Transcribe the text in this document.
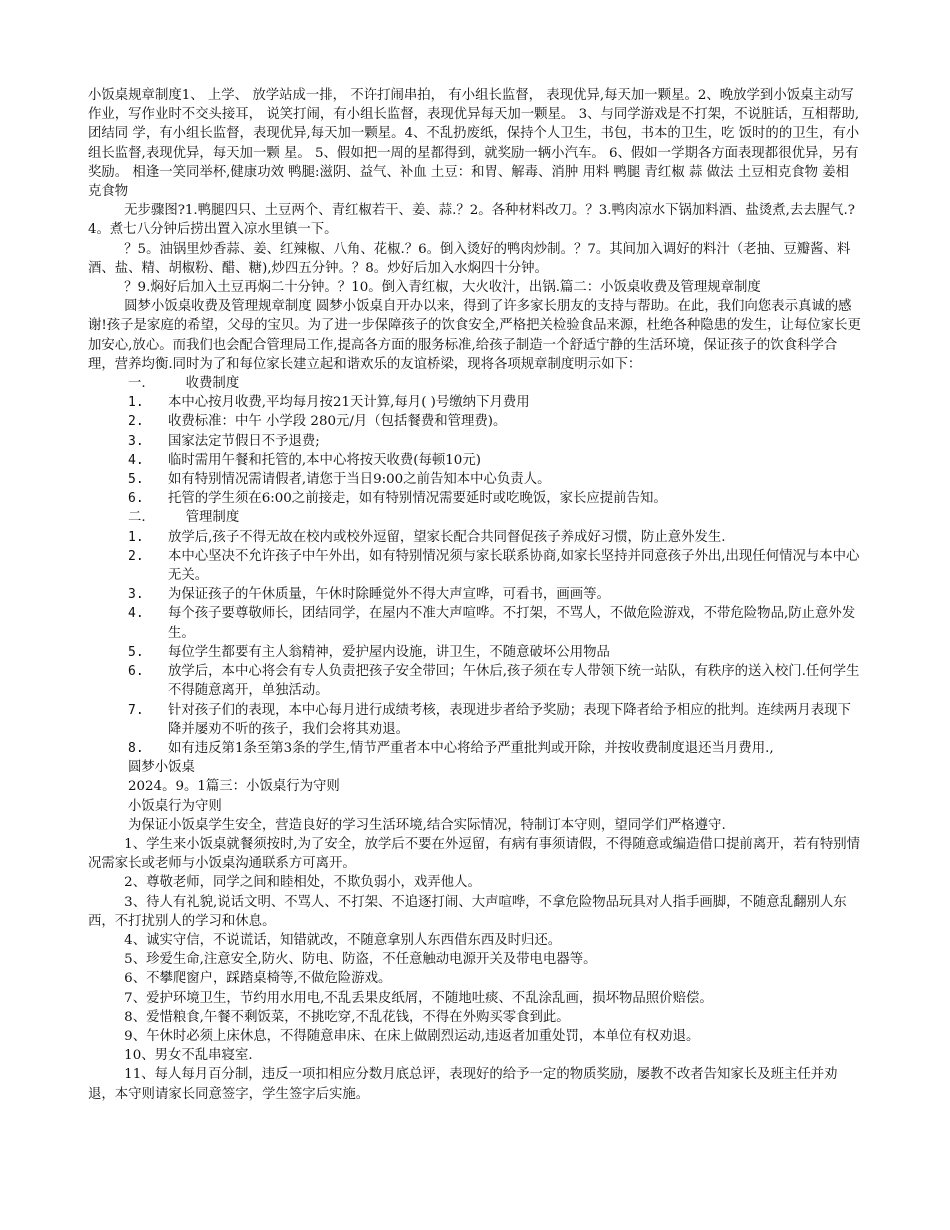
小饭桌规章制度1、 上学、 放学站成一排， 不许打闹串拍， 有小组长监督， 表现优异,每天加一颗星。2、晚放学到小饭桌主动写作业，写作业时不交头接耳， 说笑打闹，有小组长监督，表现优异每天加一颗星。 3、与同学游戏是不打架，不说脏话，互相帮助,团结同 学，有小组长监督，表现优异,每天加一颗星。4、不乱扔废纸，保持个人卫生，书包，书本的卫生，吃 饭时的的卫生，有小组长监督,表现优异，每天加一颗 星。 5、假如把一周的星都得到，就奖励一辆小汽车。 6、假如一学期各方面表现都很优异，另有奖励。 相逢一笑同举杯,健康功效 鸭腿:滋阴、益气、补血 土豆：和胃、解毒、消肿 用料 鸭腿 青红椒 蒜 做法 土豆相克食物 姜相克食物

无步骤图?1.鸭腿四只、土豆两个、青红椒若干、姜、蒜.？2。各种材料改刀。？3.鸭肉凉水下锅加料酒、盐烫煮,去去腥气.?4。煮七八分钟后捞出置入凉水里镇一下。

？5。油锅里炒香蒜、姜、红辣椒、八角、花椒.？6。倒入烫好的鸭肉炒制。？7。其间加入调好的料汁（老抽、豆瓣酱、料酒、盐、精、胡椒粉、醋、糖),炒四五分钟。？8。炒好后加入水焖四十分钟。

？9.焖好后加入土豆再焖二十分钟。？10。倒入青红椒，大火收汁，出锅.篇二：小饭桌收费及管理规章制度

圆梦小饭桌收费及管理规章制度 圆梦小饭桌自开办以来，得到了许多家长朋友的支持与帮助。在此，我们向您表示真诚的感谢!孩子是家庭的希望，父母的宝贝。为了进一步保障孩子的饮食安全,严格把关检验食品来源，杜绝各种隐患的发生，让每位家长更加安心,放心。而我们也会配合管理局工作,提高各方面的服务标准,给孩子制造一个舒适宁静的生活环境，保证孩子的饮食科学合理，营养均衡.同时为了和每位家长建立起和谐欢乐的友谊桥梁，现将各项规章制度明示如下：

一.	收费制度

1.	本中心按月收费,平均每月按21天计算,每月( )号缴纳下月费用
2.	收费标准：中午 小学段 280元/月（包括餐费和管理费)。
3.	国家法定节假日不予退费;
4.	临时需用午餐和托管的,本中心将按天收费(每顿10元)
5.	如有特别情况需请假者,请您于当日9:00之前告知本中心负责人。
6.	托管的学生须在6:00之前接走，如有特别情况需要延时或吃晚饭，家长应提前告知。

二.	管理制度

1.	放学后,孩子不得无故在校内或校外逗留，望家长配合共同督促孩子养成好习惯，防止意外发生.
2.	本中心坚决不允许孩子中午外出，如有特别情况须与家长联系协商,如家长坚持并同意孩子外出,出现任何情况与本中心无关。
3.	为保证孩子的午休质量，午休时除睡觉外不得大声宣哗，可看书，画画等。
4.	每个孩子要尊敬师长，团结同学，在屋内不准大声喧哗。不打架，不骂人，不做危险游戏，不带危险物品,防止意外发生。
5.	每位学生都要有主人翁精神，爱护屋内设施，讲卫生，不随意破坏公用物品
6.	放学后，本中心将会有专人负责把孩子安全带回；午休后,孩子须在专人带领下统一站队，有秩序的送入校门.任何学生不得随意离开，单独活动。
7.	针对孩子们的表现，本中心每月进行成绩考核，表现进步者给予奖励；表现下降者给予相应的批判。连续两月表现下降并屡劝不听的孩子，我们会将其劝退。
8.	如有违反第1条至第3条的学生,情节严重者本中心将给予严重批判或开除，并按收费制度退还当月费用.,

圆梦小饭桌

2024。9。1篇三：小饭桌行为守则

小饭桌行为守则

为保证小饭桌学生安全，营造良好的学习生活环境,结合实际情况，特制订本守则，望同学们严格遵守.

1、学生来小饭桌就餐须按时,为了安全，放学后不要在外逗留，有病有事须请假，不得随意或编造借口提前离开，若有特别情况需家长或老师与小饭桌沟通联系方可离开。

2、尊敬老师，同学之间和睦相处，不欺负弱小，戏弄他人。

3、待人有礼貌,说话文明、不骂人、不打架、不追逐打闹、大声喧哗，不拿危险物品玩具对人指手画脚，不随意乱翻别人东西，不打扰别人的学习和休息。

4、诚实守信，不说谎话，知错就改，不随意拿别人东西借东西及时归还。

5、珍爱生命,注意安全,防火、防电、防盗，不任意触动电源开关及带电电器等。

6、不攀爬窗户，踩踏桌椅等,不做危险游戏。

7、爱护环境卫生，节约用水用电,不乱丢果皮纸屑，不随地吐痰、不乱涂乱画，损坏物品照价赔偿。

8、爱惜粮食,午餐不剩饭菜，不挑吃穿,不乱花钱，不得在外购买零食到此。

9、午休时必须上床休息，不得随意串床、在床上做剧烈运动,违返者加重处罚，本单位有权劝退。

10、男女不乱串寝室.

11、每人每月百分制，违反一项扣相应分数月底总评，表现好的给予一定的物质奖励，屡教不改者告知家长及班主任并劝退，本守则请家长同意签字，学生签字后实施。
